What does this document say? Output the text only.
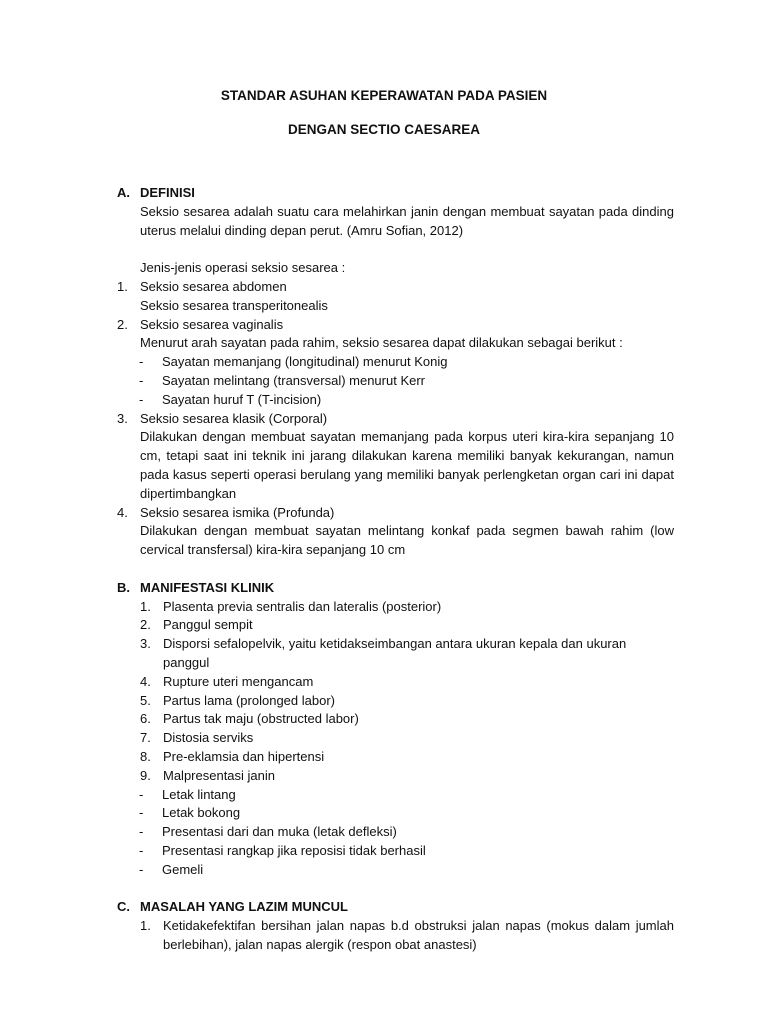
STANDAR ASUHAN KEPERAWATAN PADA PASIEN
DENGAN SECTIO CAESAREA
A. DEFINISI
Seksio sesarea adalah suatu cara melahirkan janin dengan membuat sayatan pada dinding uterus melalui dinding depan perut. (Amru Sofian, 2012)
Jenis-jenis operasi seksio sesarea :
1. Seksio sesarea abdomen
Seksio sesarea transperitonealis
2. Seksio sesarea vaginalis
Menurut arah sayatan pada rahim, seksio sesarea dapat dilakukan sebagai berikut :
- Sayatan memanjang (longitudinal) menurut Konig
- Sayatan melintang (transversal) menurut Kerr
- Sayatan huruf T (T-incision)
3. Seksio sesarea klasik (Corporal)
Dilakukan dengan membuat sayatan memanjang pada korpus uteri kira-kira sepanjang 10 cm, tetapi saat ini teknik ini jarang dilakukan karena memiliki banyak kekurangan, namun pada kasus seperti operasi berulang yang memiliki banyak perlengketan organ cari ini dapat dipertimbangkan
4. Seksio sesarea ismika (Profunda)
Dilakukan dengan membuat sayatan melintang konkaf pada segmen bawah rahim (low cervical transfersal) kira-kira sepanjang 10 cm
B. MANIFESTASI KLINIK
1. Plasenta previa sentralis dan lateralis (posterior)
2. Panggul sempit
3. Disporsi sefalopelvik, yaitu ketidakseimbangan antara ukuran kepala dan ukuran panggul
4. Rupture uteri mengancam
5. Partus lama (prolonged labor)
6. Partus tak maju (obstructed labor)
7. Distosia serviks
8. Pre-eklamsia dan hipertensi
9. Malpresentasi janin
- Letak lintang
- Letak bokong
- Presentasi dari dan muka (letak defleksi)
- Presentasi rangkap jika reposisi tidak berhasil
- Gemeli
C. MASALAH YANG LAZIM MUNCUL
1. Ketidakefektifan bersihan jalan napas b.d obstruksi jalan napas (mokus dalam jumlah berlebihan), jalan napas alergik (respon obat anastesi)
